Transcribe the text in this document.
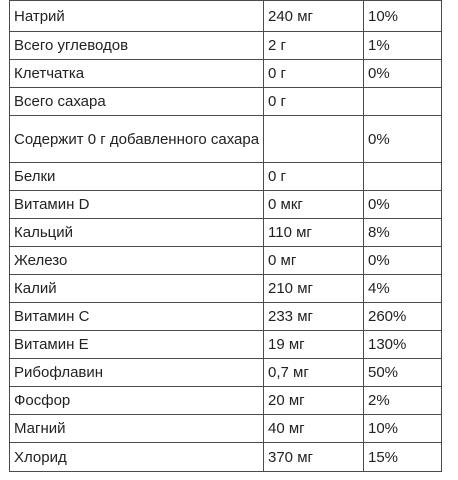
Натрий	240 мг	10%
Всего углеводов	2 г	1%
Клетчатка	0 г	0%
Всего сахара	0 г	
Содержит 0 г добавленного сахара		0%
Белки	0 г	
Витамин D	0 мкг	0%
Кальций	110 мг	8%
Железо	0 мг	0%
Калий	210 мг	4%
Витамин C	233 мг	260%
Витамин E	19 мг	130%
Рибофлавин	0,7 мг	50%
Фосфор	20 мг	2%
Магний	40 мг	10%
Хлорид	370 мг	15%
